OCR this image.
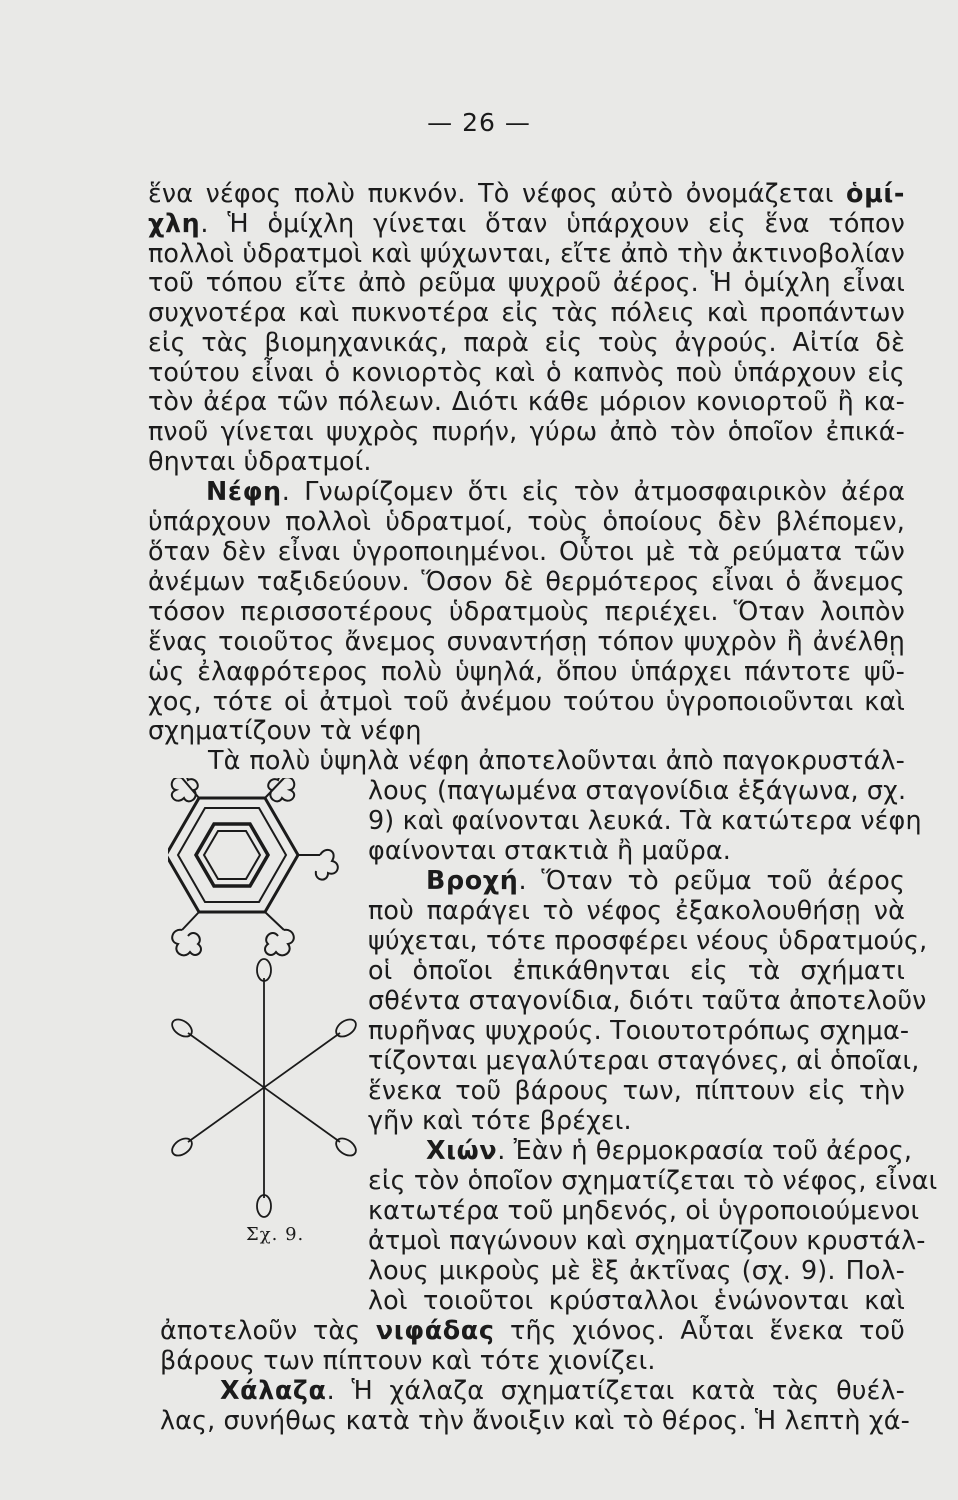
— 26 —
ἕνα νέφος πολὺ πυκνόν. Τὸ νέφος αὐτὸ ὀνομάζεται ὁμί-
χλη. Ἡ ὁμίχλη γίνεται ὅταν ὑπάρχουν εἰς ἕνα τόπον
πολλοὶ ὑδρατμοὶ καὶ ψύχωνται, εἴτε ἀπὸ τὴν ἀκτινοβολίαν
τοῦ τόπου εἴτε ἀπὸ ρεῦμα ψυχροῦ ἀέρος. Ἡ ὁμίχλη εἶναι
συχνοτέρα καὶ πυκνοτέρα εἰς τὰς πόλεις καὶ προπάντων
εἰς τὰς βιομηχανικάς, παρὰ εἰς τοὺς ἀγρούς. Αἰτία δὲ
τούτου εἶναι ὁ κονιορτὸς καὶ ὁ καπνὸς ποὺ ὑπάρχουν εἰς
τὸν ἀέρα τῶν πόλεων. Διότι κάθε μόριον κονιορτοῦ ἢ κα-
πνοῦ γίνεται ψυχρὸς πυρήν, γύρω ἀπὸ τὸν ὁποῖον ἐπικά-
θηνται ὑδρατμοί.
Νέφη. Γνωρίζομεν ὅτι εἰς τὸν ἀτμοσφαιρικὸν ἀέρα
ὑπάρχουν πολλοὶ ὑδρατμοί, τοὺς ὁποίους δὲν βλέπομεν,
ὅταν δὲν εἶναι ὑγροποιημένοι. Οὗτοι μὲ τὰ ρεύματα τῶν
ἀνέμων ταξιδεύουν. Ὅσον δὲ θερμότερος εἶναι ὁ ἄνεμος
τόσον περισσοτέρους ὑδρατμοὺς περιέχει. Ὅταν λοιπὸν
ἕνας τοιοῦτος ἄνεμος συναντήσῃ τόπον ψυχρὸν ἢ ἀνέλθῃ
ὡς ἐλαφρότερος πολὺ ὑψηλά, ὅπου ὑπάρχει πάντοτε ψῦ-
χος, τότε οἱ ἀτμοὶ τοῦ ἀνέμου τούτου ὑγροποιοῦνται καὶ
σχηματίζουν τὰ νέφη
Τὰ πολὺ ὑψηλὰ νέφη ἀποτελοῦνται ἀπὸ παγοκρυστάλ-
λους (παγωμένα σταγονίδια ἑξάγωνα, σχ.
9) καὶ φαίνονται λευκά. Τὰ κατώτερα νέφη
φαίνονται στακτιὰ ἢ μαῦρα.
Βροχή. Ὅταν τὸ ρεῦμα τοῦ ἀέρος
ποὺ παράγει τὸ νέφος ἐξακολουθήσῃ νὰ
ψύχεται, τότε προσφέρει νέους ὑδρατμούς,
οἱ ὁποῖοι ἐπικάθηνται εἰς τὰ σχήματι
σθέντα σταγονίδια, διότι ταῦτα ἀποτελοῦν
πυρῆνας ψυχρούς. Τοιουτοτρόπως σχημα-
τίζονται μεγαλύτεραι σταγόνες, αἱ ὁποῖαι,
ἕνεκα τοῦ βάρους των, πίπτουν εἰς τὴν
γῆν καὶ τότε βρέχει.
Χιών. Ἐὰν ἡ θερμοκρασία τοῦ ἀέρος,
εἰς τὸν ὁποῖον σχηματίζεται τὸ νέφος, εἶναι
κατωτέρα τοῦ μηδενός, οἱ ὑγροποιούμενοι
ἀτμοὶ παγώνουν καὶ σχηματίζουν κρυστάλ-
λους μικροὺς μὲ ἓξ ἀκτῖνας (σχ. 9). Πολ-
λοὶ τοιοῦτοι κρύσταλλοι ἑνώνονται καὶ
ἀποτελοῦν τὰς νιφάδας τῆς χιόνος. Αὗται ἕνεκα τοῦ
βάρους των πίπτουν καὶ τότε χιονίζει.
Χάλαζα. Ἡ χάλαζα σχηματίζεται κατὰ τὰς θυέλ-
λας, συνήθως κατὰ τὴν ἄνοιξιν καὶ τὸ θέρος. Ἡ λεπτὴ χά-
Σχ. 9.
